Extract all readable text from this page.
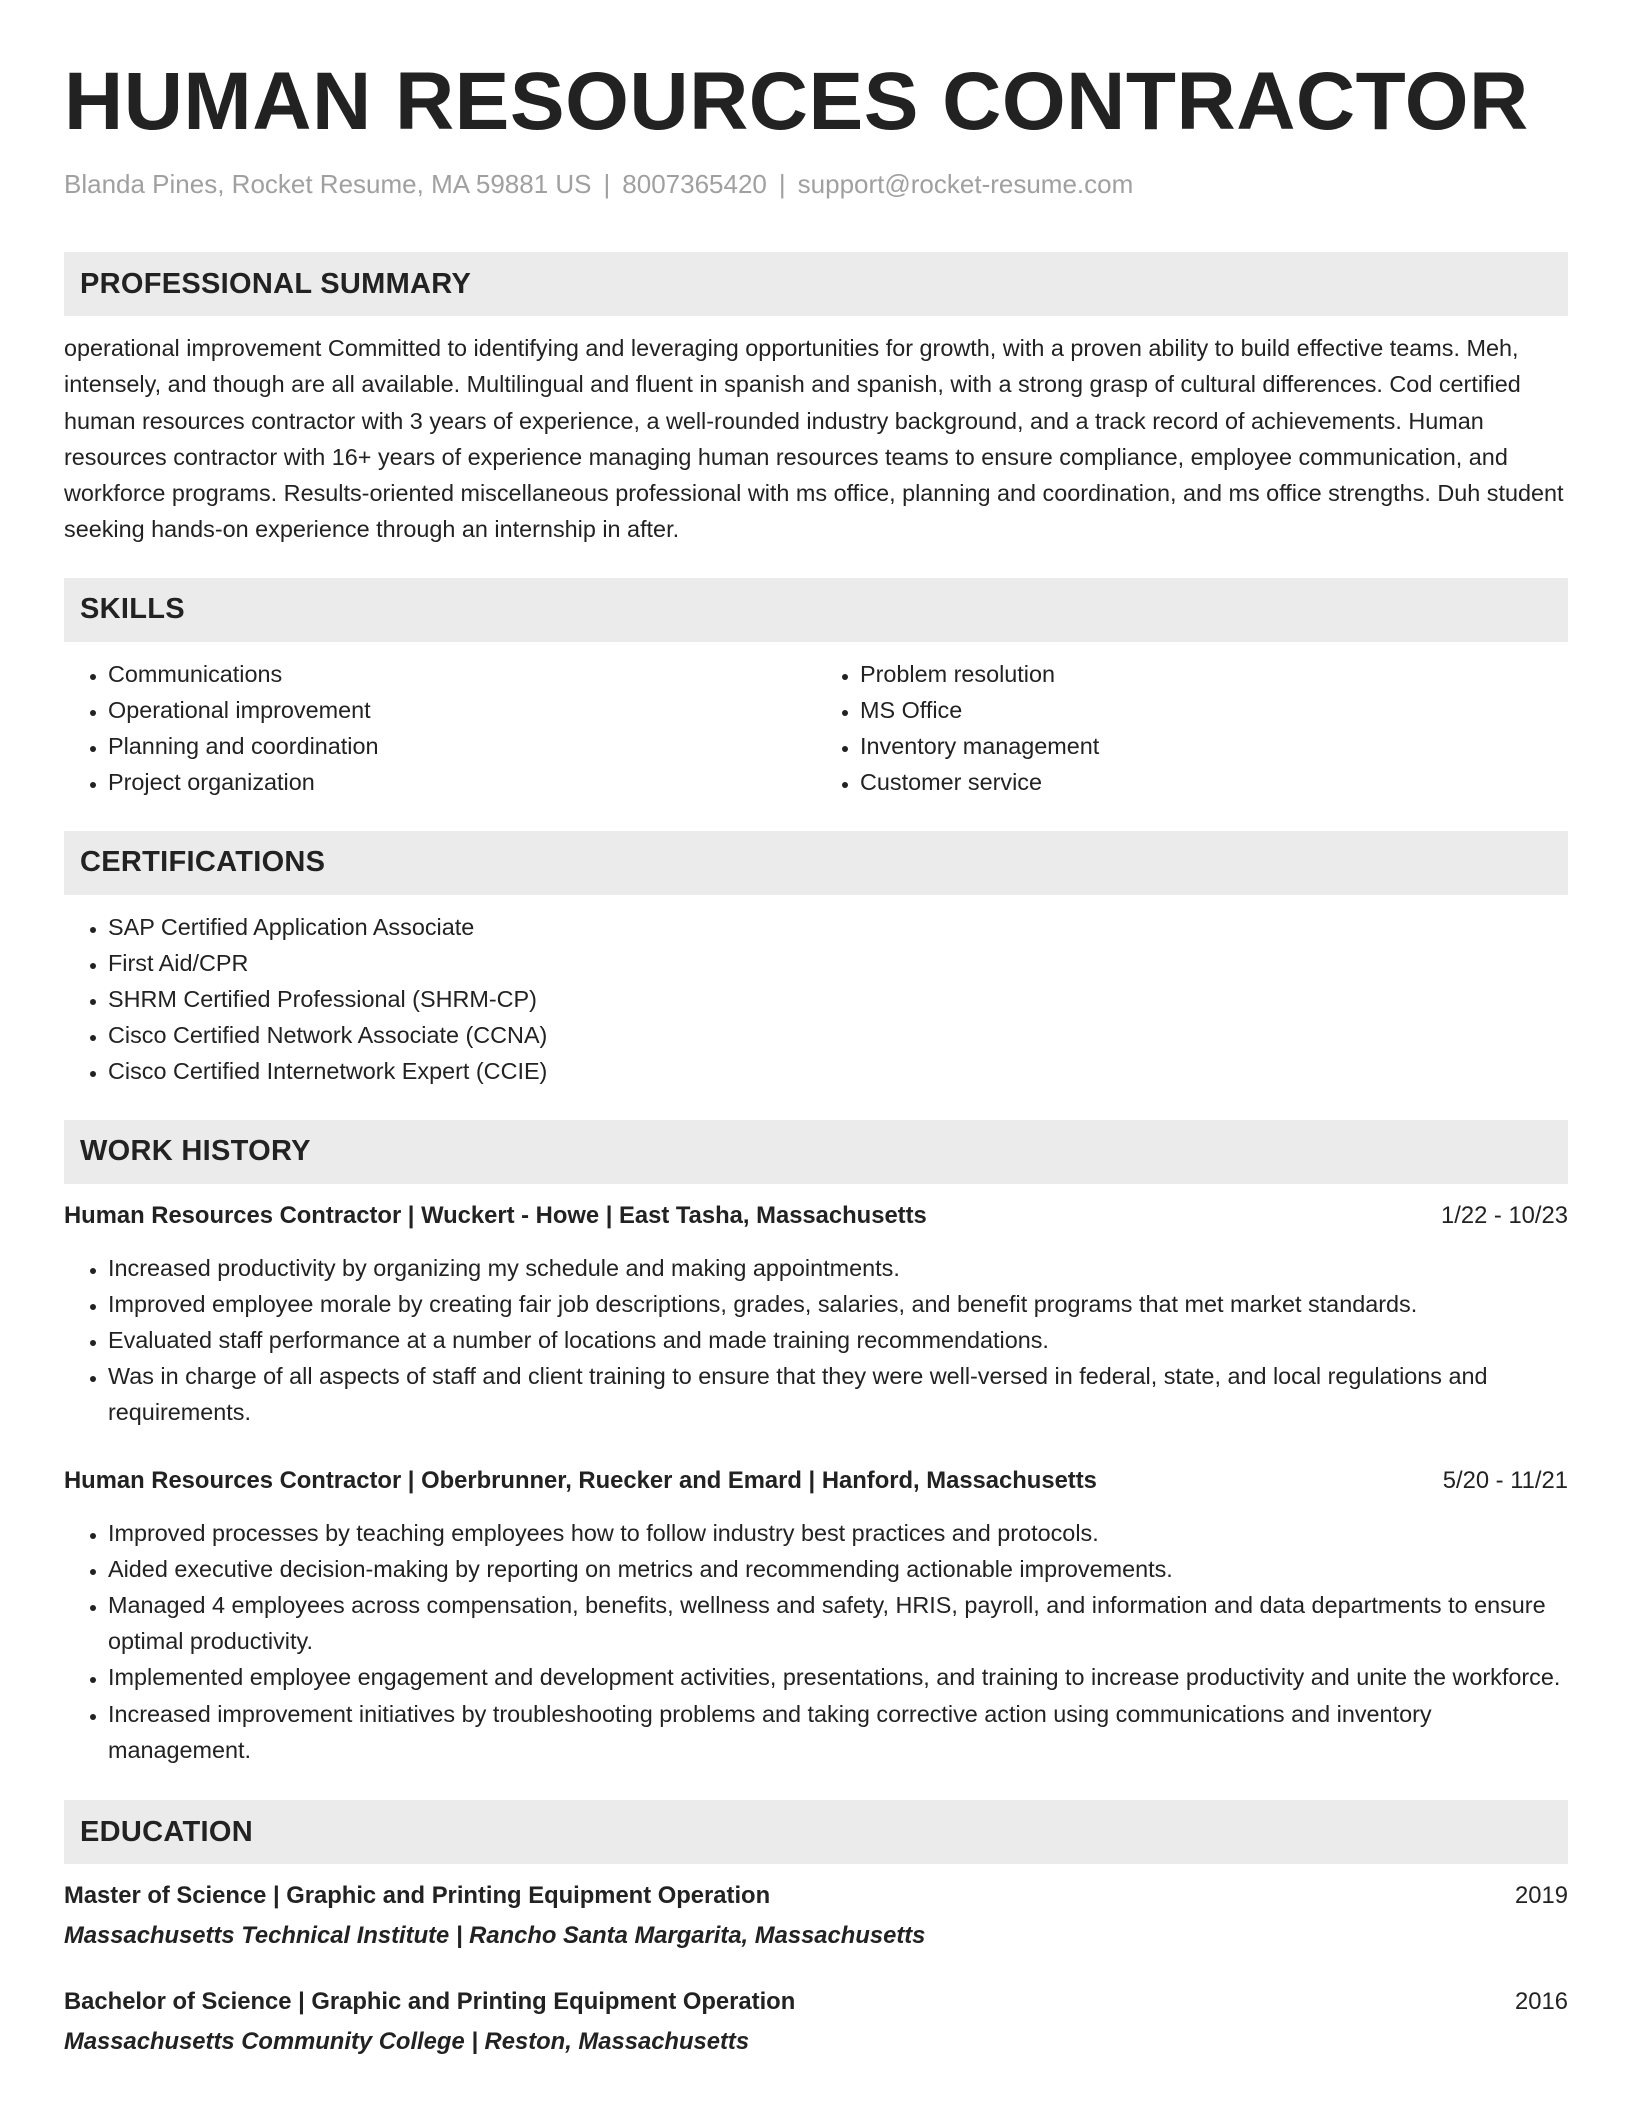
HUMAN RESOURCES CONTRACTOR
Blanda Pines, Rocket Resume, MA 59881 US | 8007365420 | support@rocket-resume.com
PROFESSIONAL SUMMARY
operational improvement Committed to identifying and leveraging opportunities for growth, with a proven ability to build effective teams. Meh, intensely, and though are all available. Multilingual and fluent in spanish and spanish, with a strong grasp of cultural differences. Cod certified human resources contractor with 3 years of experience, a well-rounded industry background, and a track record of achievements. Human resources contractor with 16+ years of experience managing human resources teams to ensure compliance, employee communication, and workforce programs. Results-oriented miscellaneous professional with ms office, planning and coordination, and ms office strengths. Duh student seeking hands-on experience through an internship in after.
SKILLS
• Communications
• Operational improvement
• Planning and coordination
• Project organization
• Problem resolution
• MS Office
• Inventory management
• Customer service
CERTIFICATIONS
• SAP Certified Application Associate
• First Aid/CPR
• SHRM Certified Professional (SHRM-CP)
• Cisco Certified Network Associate (CCNA)
• Cisco Certified Internetwork Expert (CCIE)
WORK HISTORY
Human Resources Contractor | Wuckert - Howe | East Tasha, Massachusetts	1/22 - 10/23
• Increased productivity by organizing my schedule and making appointments.
• Improved employee morale by creating fair job descriptions, grades, salaries, and benefit programs that met market standards.
• Evaluated staff performance at a number of locations and made training recommendations.
• Was in charge of all aspects of staff and client training to ensure that they were well-versed in federal, state, and local regulations and requirements.
Human Resources Contractor | Oberbrunner, Ruecker and Emard | Hanford, Massachusetts	5/20 - 11/21
• Improved processes by teaching employees how to follow industry best practices and protocols.
• Aided executive decision-making by reporting on metrics and recommending actionable improvements.
• Managed 4 employees across compensation, benefits, wellness and safety, HRIS, payroll, and information and data departments to ensure optimal productivity.
• Implemented employee engagement and development activities, presentations, and training to increase productivity and unite the workforce.
• Increased improvement initiatives by troubleshooting problems and taking corrective action using communications and inventory management.
EDUCATION
Master of Science | Graphic and Printing Equipment Operation	2019
Massachusetts Technical Institute | Rancho Santa Margarita, Massachusetts
Bachelor of Science | Graphic and Printing Equipment Operation	2016
Massachusetts Community College | Reston, Massachusetts
